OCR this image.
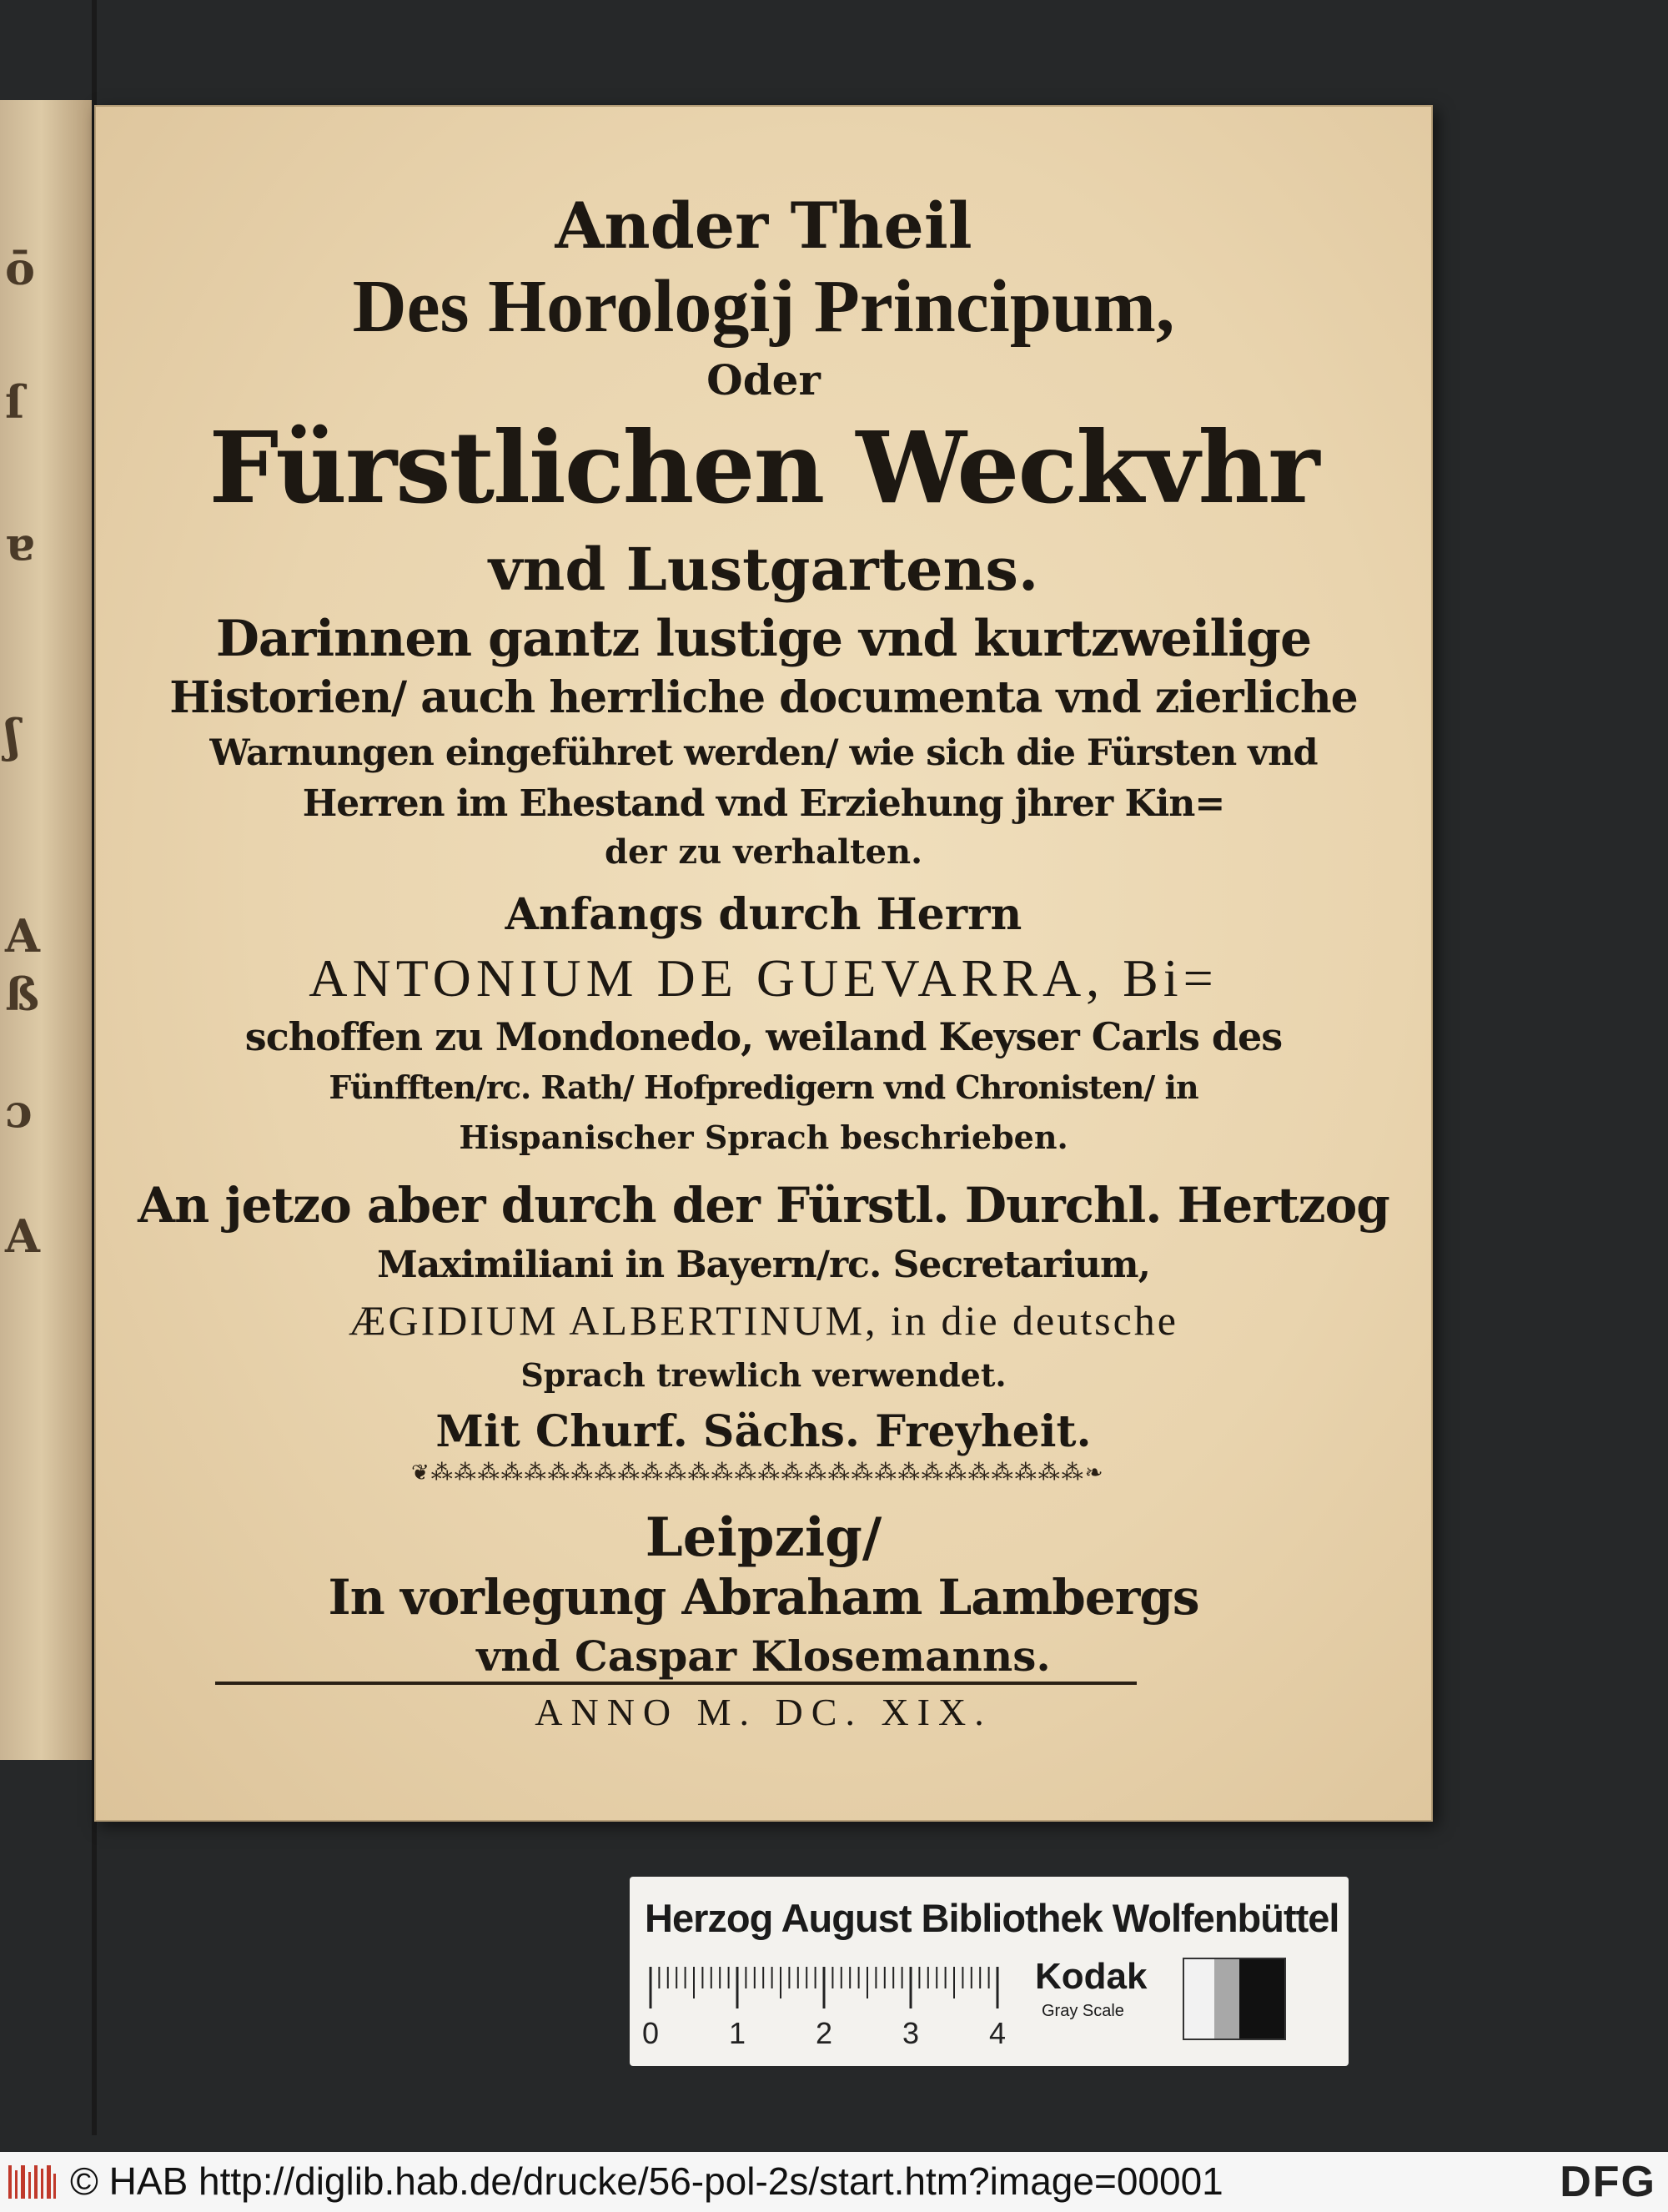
ō
ſ
ɐ
ʃ
A
ß
ɔ
A
Ander Theil
Des Horologij Principum,
Oder
Fürstlichen Weckvhr
vnd Lustgartens.
Darinnen gantz lustige vnd kurtzweilige
Historien/ auch herrliche documenta vnd zierliche
Warnungen eingeführet werden/ wie sich die Fürsten vnd
Herren im Ehestand vnd Erziehung jhrer Kin=
der zu verhalten.
Anfangs durch Herrn
ANTONIUM DE GUEVARRA, Bi=
schoffen zu Mondonedo, weiland Keyser Carls des
Fünfften/rc. Rath/ Hofpredigern vnd Chronisten/ in
Hispanischer Sprach beschrieben.
An jetzo aber durch der Fürstl. Durchl. Hertzog
Maximiliani in Bayern/rc. Secretarium,
ÆGIDIUM ALBERTINUM, in die deutsche
Sprach trewlich verwendet.
Mit Churf. Sächs. Freyheit.
❦⁂⁂⁂⁂⁂⁂⁂⁂⁂⁂⁂⁂⁂⁂⁂⁂⁂⁂⁂⁂⁂⁂⁂⁂⁂⁂⁂⁂❧
Leipzig/
In vorlegung Abraham Lambergs
vnd Caspar Klosemanns.
ANNO M. DC. XIX.
Herzog August Bibliothek Wolfenbüttel
0 1 2 3 4
Kodak
Gray Scale
© HAB http://diglib.hab.de/drucke/56-pol-2s/start.htm?image=00001	DFG
